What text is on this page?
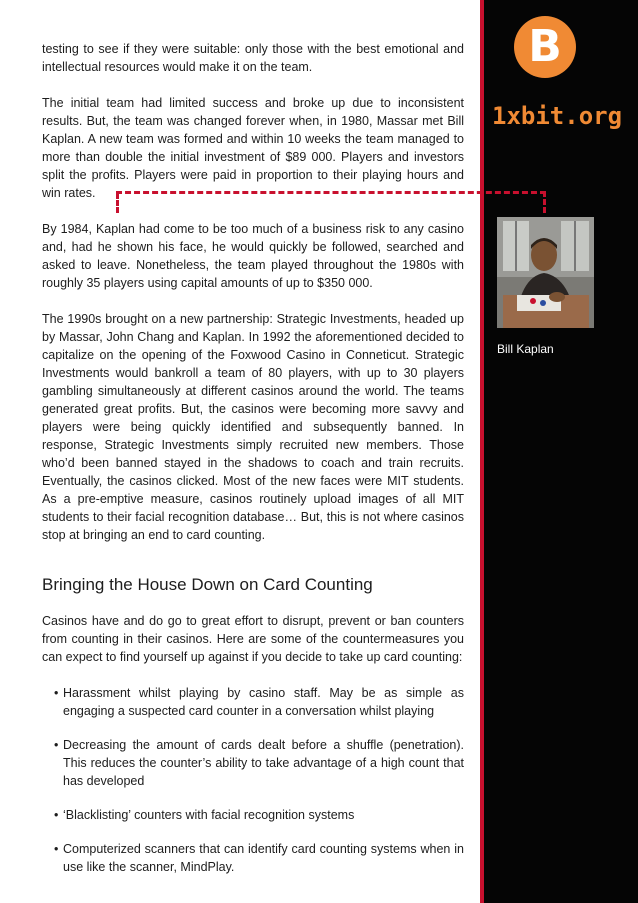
B
1xbit.org
Bill Kaplan

testing to see if they were suitable: only those with the best emotional and intellectual resources would make it on the team.

The initial team had limited success and broke up due to inconsistent results. But, the team was changed forever when, in 1980, Massar met Bill Kaplan. A new team was formed and within 10 weeks the team managed to more than double the initial investment of $89 000. Players and investors split the profits. Players were paid in proportion to their playing hours and win rates.

By 1984, Kaplan had come to be too much of a business risk to any casino and, had he shown his face, he would quickly be followed, searched and asked to leave. Nonetheless, the team played throughout the 1980s with roughly 35 players using capital amounts of up to $350 000.

The 1990s brought on a new partnership: Strategic Investments, headed up by Massar, John Chang and Kaplan. In 1992 the aforementioned decided to capitalize on the opening of the Foxwood Casino in Conneticut. Strategic Investments would bankroll a team of 80 players, with up to 30 players gambling simultaneously at different casinos around the world. The teams generated great profits. But, the casinos were becoming more savvy and players were being quickly identified and subsequently banned. In response, Strategic Investments simply recruited new members. Those who’d been banned stayed in the shadows to coach and train recruits. Eventually, the casinos clicked. Most of the new faces were MIT students. As a pre-emptive measure, casinos routinely upload images of all MIT students to their facial recognition database… But, this is not where casinos stop at bringing an end to card counting.

Bringing the House Down on Card Counting

Casinos have and do go to great effort to disrupt, prevent or ban counters from counting in their casinos. Here are some of the countermeasures you can expect to find yourself up against if you decide to take up card counting:

• Harassment whilst playing by casino staff. May be as simple as engaging a suspected card counter in a conversation whilst playing
• Decreasing the amount of cards dealt before a shuffle (penetration). This reduces the counter’s ability to take advantage of a high count that has developed
• ‘Blacklisting’ counters with facial recognition systems
• Computerized scanners that can identify card counting systems when in use like the scanner, MindPlay.
